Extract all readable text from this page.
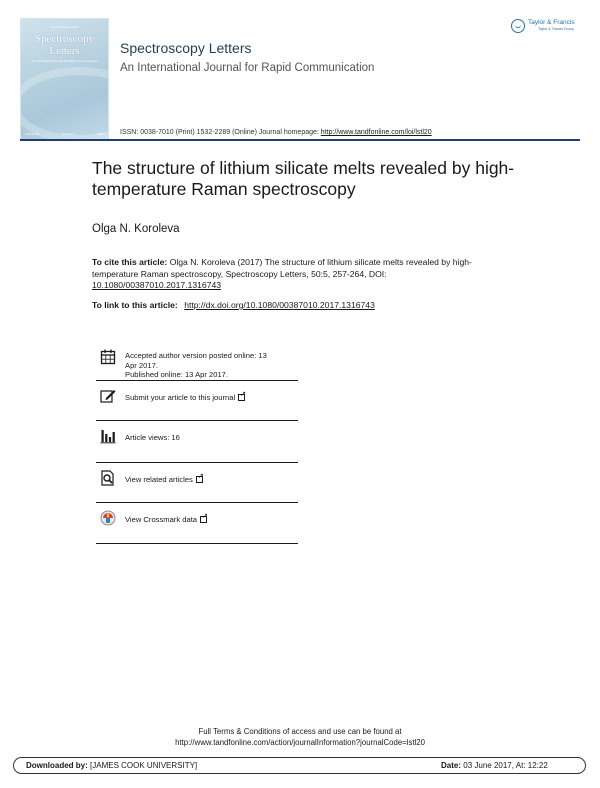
Spectroscopy Letters
Spectroscopy
Letters
An International Journal for Rapid Communication
Volume 50	Number 5	2017
Taylor & Francis
Taylor & Francis Group
Spectroscopy Letters
An International Journal for Rapid Communication
ISSN: 0038-7010 (Print) 1532-2289 (Online) Journal homepage: http://www.tandfonline.com/loi/lstl20
The structure of lithium silicate melts revealed by high-temperature Raman spectroscopy
Olga N. Koroleva
To cite this article: Olga N. Koroleva (2017) The structure of lithium silicate melts revealed by high-temperature Raman spectroscopy, Spectroscopy Letters, 50:5, 257-264, DOI: 10.1080/00387010.2017.1316743
To link to this article: http://dx.doi.org/10.1080/00387010.2017.1316743
Accepted author version posted online: 13
Apr 2017.
Published online: 13 Apr 2017.
Submit your article to this journal↗
Article views: 16
View related articles↗
View Crossmark data↗
Full Terms & Conditions of access and use can be found at
http://www.tandfonline.com/action/journalInformation?journalCode=lstl20
Downloaded by: [JAMES COOK UNIVERSITY]	Date: 03 June 2017, At: 12:22
